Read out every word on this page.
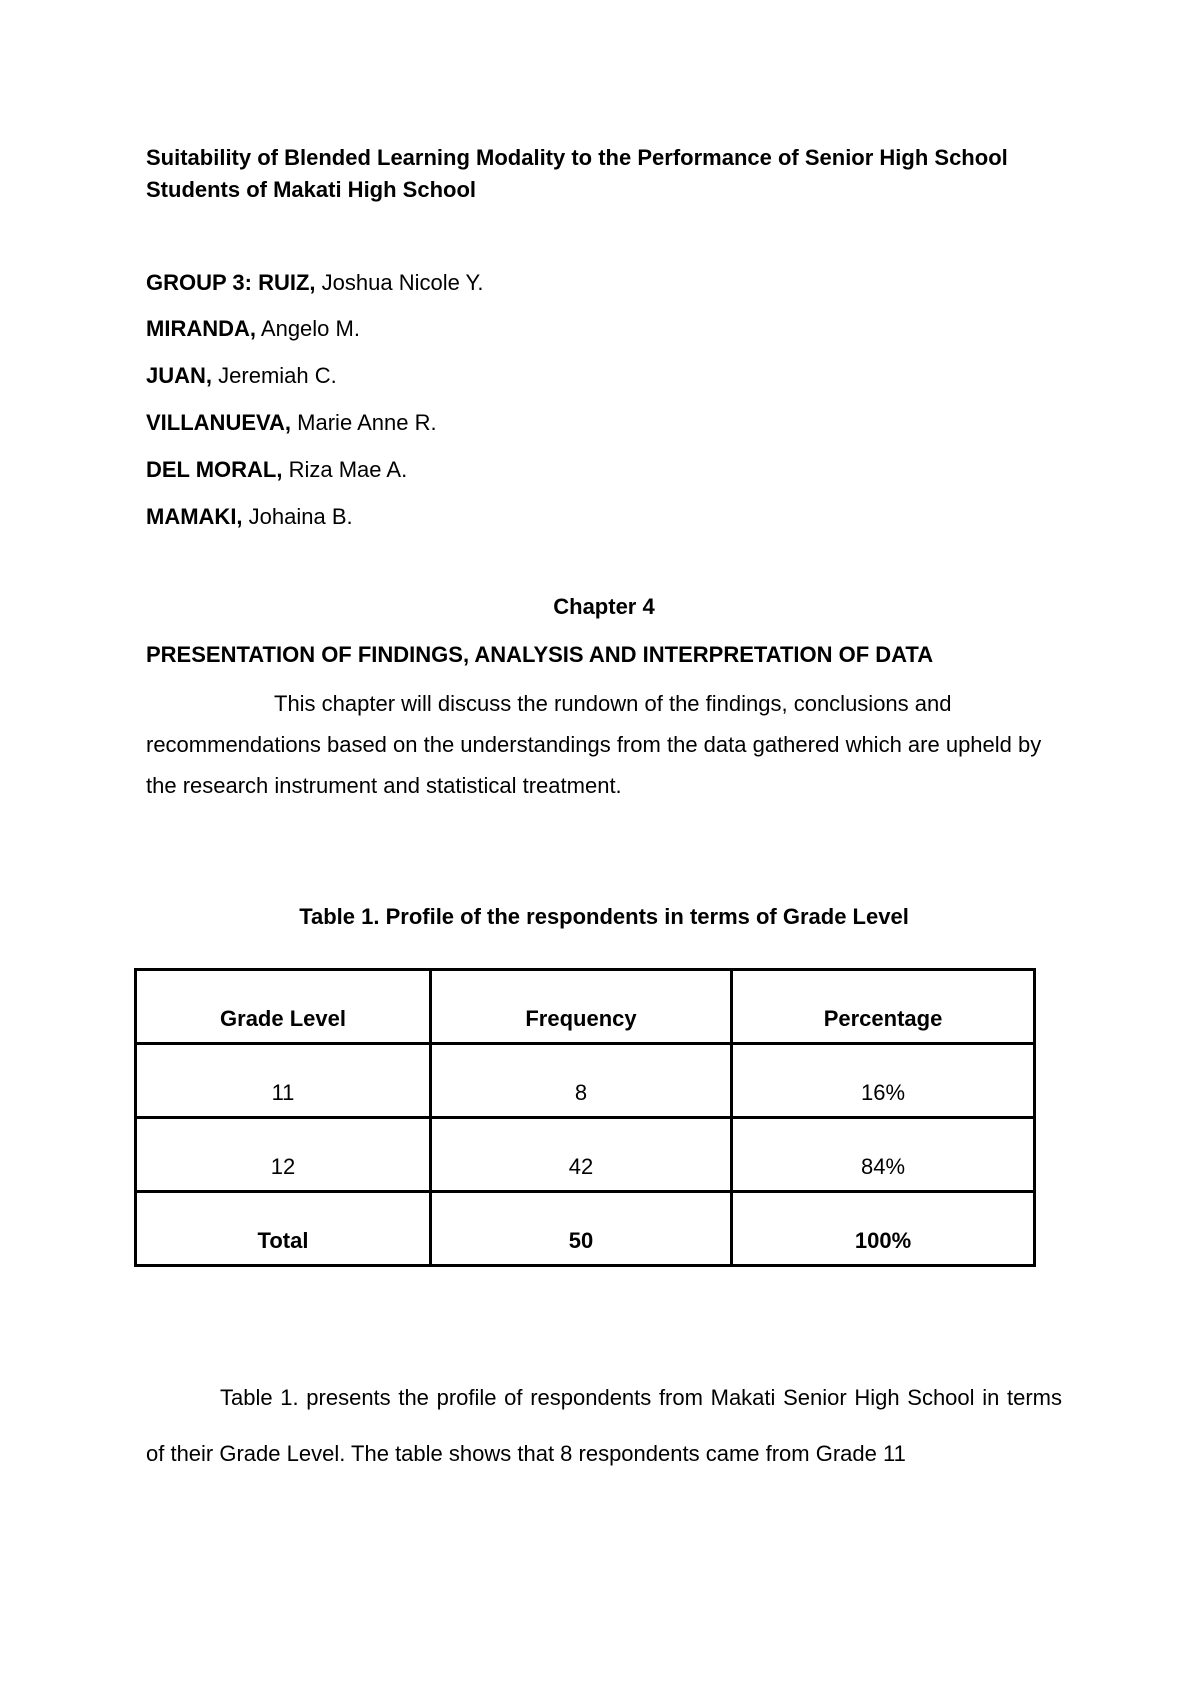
Suitability of Blended Learning Modality to the Performance of Senior High School Students of Makati High School
GROUP 3: RUIZ, Joshua Nicole Y.
MIRANDA, Angelo M.
JUAN, Jeremiah C.
VILLANUEVA, Marie Anne R.
DEL MORAL, Riza Mae A.
MAMAKI, Johaina B.
Chapter 4
PRESENTATION OF FINDINGS, ANALYSIS AND INTERPRETATION OF DATA
This chapter will discuss the rundown of the findings, conclusions and recommendations based on the understandings from the data gathered which are upheld by the research instrument and statistical treatment.
Table 1. Profile of the respondents in terms of Grade Level
Grade Level	Frequency	Percentage
11	8	16%
12	42	84%
Total	50	100%
Table 1. presents the profile of respondents from Makati Senior High School in terms of their Grade Level. The table shows that 8 respondents came from Grade 11
